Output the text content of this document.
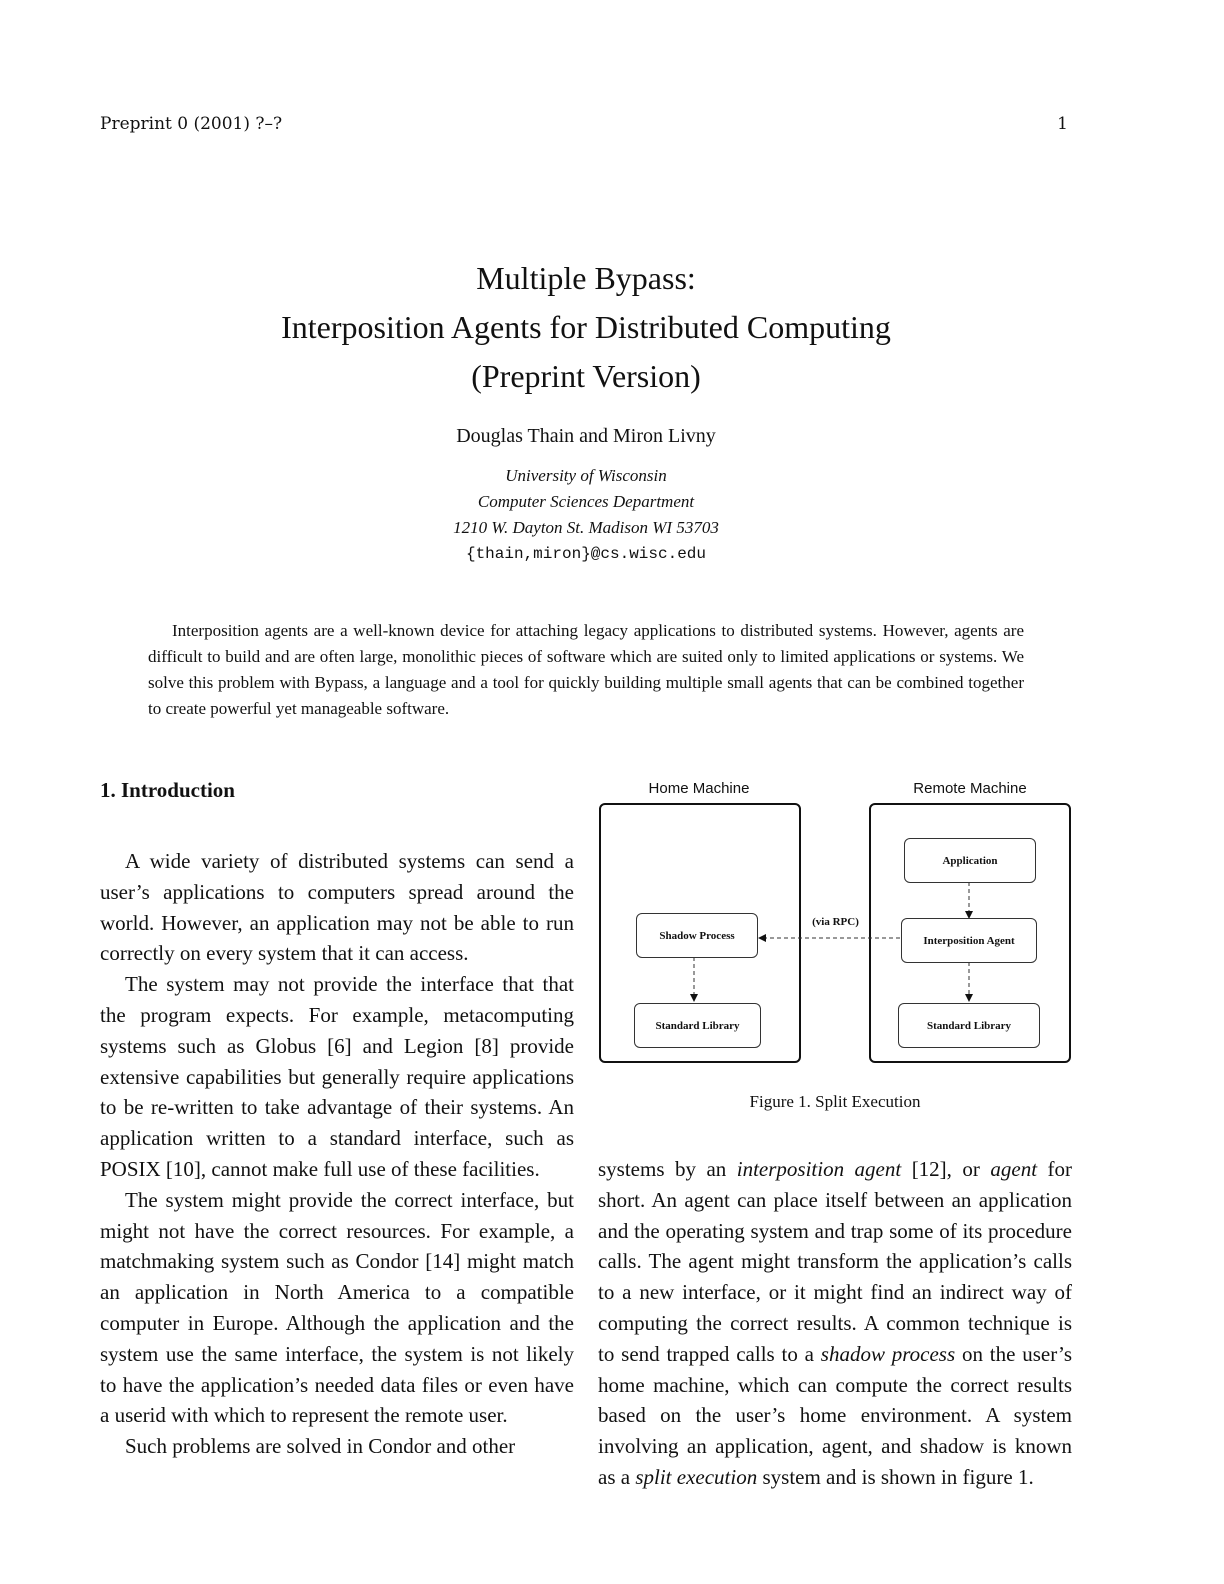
Preprint 0 (2001) ?–?	1
Multiple Bypass:
Interposition Agents for Distributed Computing
(Preprint Version)
Douglas Thain and Miron Livny
University of Wisconsin
Computer Sciences Department
1210 W. Dayton St. Madison WI 53703
{thain,miron}@cs.wisc.edu
Interposition agents are a well-known device for attaching legacy applications to distributed systems. However, agents are difficult to build and are often large, monolithic pieces of software which are suited only to limited applications or systems. We solve this problem with Bypass, a language and a tool for quickly building multiple small agents that can be combined together to create powerful yet manageable software.
1. Introduction

A wide variety of distributed systems can send a user’s applications to computers spread around the world. However, an application may not be able to run correctly on every system that it can access.

The system may not provide the interface that that the program expects. For example, metacomputing systems such as Globus [6] and Legion [8] provide extensive capabilities but generally require applications to be re-written to take advantage of their systems. An application written to a standard interface, such as POSIX [10], cannot make full use of these facilities.

The system might provide the correct interface, but might not have the correct resources. For example, a matchmaking system such as Condor [14] might match an application in North America to a compatible computer in Europe. Although the application and the system use the same interface, the system is not likely to have the application’s needed data files or even have a userid with which to represent the remote user.

Such problems are solved in Condor and other

Home Machine	Remote Machine
Shadow Process
Standard Library
Application
Interposition Agent
Standard Library
(via RPC)
Figure 1. Split Execution

systems by an interposition agent [12], or agent for short. An agent can place itself between an application and the operating system and trap some of its procedure calls. The agent might transform the application’s calls to a new interface, or it might find an indirect way of computing the correct results. A common technique is to send trapped calls to a shadow process on the user’s home machine, which can compute the correct results based on the user’s home environment. A system involving an application, agent, and shadow is known as a split execution system and is shown in figure 1.
